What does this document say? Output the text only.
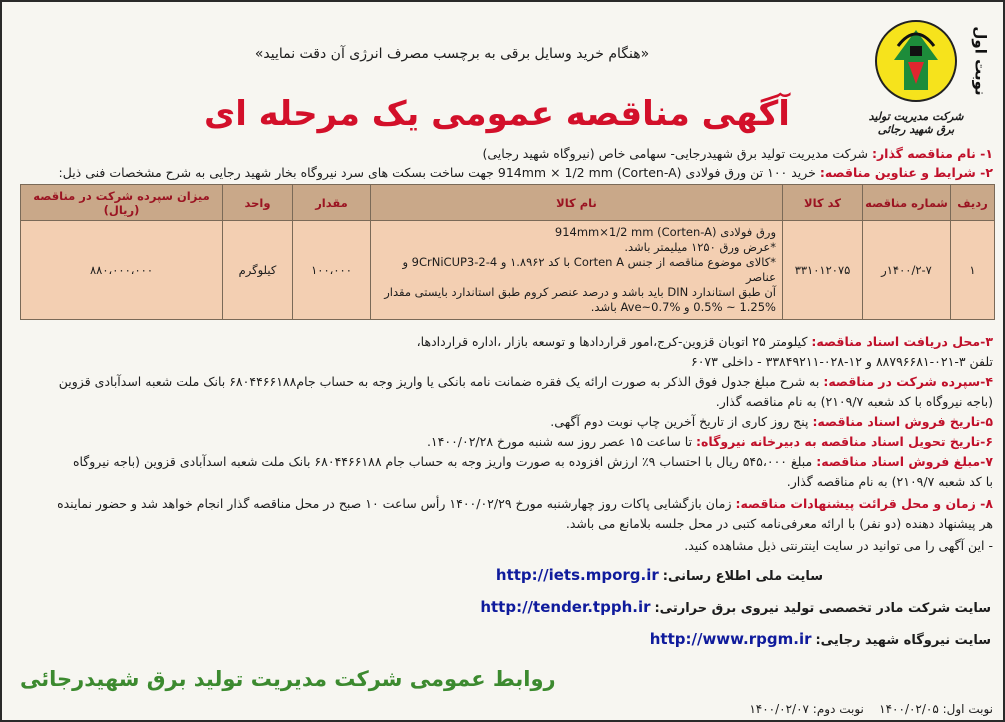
نوبت اول
شرکت مدیریت تولید برق شهید رجائی
«هنگام خرید وسایل برقی به برچسب مصرف انرژی آن دقت نمایید»
آگهی مناقصه عمومی یک مرحله ای
۱- نام مناقصه گذار: شرکت مدیریت تولید برق شهیدرجایی- سهامی خاص (نیروگاه شهید رجایی)
۲- شرایط و عناوین مناقصه: خرید ۱۰۰ تن ورق فولادی (Corten-A) 914mm × 1/2 mm جهت ساخت بسکت های سرد نیروگاه بخار شهید رجایی به شرح مشخصات فنی ذیل:
ردیف	شماره مناقصه	کد کالا	نام کالا	مقدار	واحد	میزان سپرده شرکت در مناقصه (ریال)
۱	۱۴۰۰/۲-۷ر	۳۳۱۰۱۲۰۷۵	ورق فولادی (Corten-A) 914mm×1/2 mm
*عرض ورق ۱۲۵۰ میلیمتر باشد.
*کالای موضوع مناقصه از جنس Corten A با کد ۱.۸۹۶۲ و 9CrNiCUP3-2-4 و عناصر
آن طبق استاندارد DIN باید باشد و درصد عنصر کروم طبق استاندارد بایستی مقدار
1.25% ~ 0.5% و Ave~0.7% باشد.	۱۰۰،۰۰۰	کیلوگرم	۸۸۰،۰۰۰،۰۰۰
۳-محل دریافت اسناد مناقصه: کیلومتر ۲۵ اتوبان قزوین-کرج،امور قراردادها و توسعه بازار ،اداره قراردادها،
تلفن ۳-۰۲۱-۸۸۷۹۶۶۸۱ و ۱۲-۰۲۸-۳۳۸۴۹۲۱۱ - داخلی ۶۰۷۳
۴-سپرده شرکت در مناقصه: به شرح مبلغ جدول فوق الذکر به صورت ارائه یک فقره ضمانت نامه بانکی یا واریز وجه به حساب جام۶۸۰۴۴۶۶۱۸۸ بانک ملت شعبه اسدآبادی قزوین
(باجه نیروگاه با کد شعبه ۲۱۰۹/۷) به نام مناقصه گذار.
۵-تاریخ فروش اسناد مناقصه: پنج روز کاری از تاریخ آخرین چاپ نوبت دوم آگهی.
۶-تاریخ تحویل اسناد مناقصه به دبیرخانه نیروگاه: تا ساعت ۱۵ عصر روز سه شنبه مورخ ۱۴۰۰/۰۲/۲۸.
۷-مبلغ فروش اسناد مناقصه: مبلغ ۵۴۵،۰۰۰ ریال با احتساب ۹٪ ارزش افزوده به صورت واریز وجه به حساب جام ۶۸۰۴۴۶۶۱۸۸ بانک ملت شعبه اسدآبادی قزوین (باجه نیروگاه
با کد شعبه ۲۱۰۹/۷) به نام مناقصه گذار.
۸- زمان و محل قرائت پیشنهادات مناقصه: زمان بازگشایی پاکات روز چهارشنبه مورخ ۱۴۰۰/۰۲/۲۹ رأس ساعت ۱۰ صبح در محل مناقصه گذار انجام خواهد شد و حضور نماینده
هر پیشنهاد دهنده (دو نفر) با ارائه معرفی‌نامه کتبی در محل جلسه بلامانع می باشد.
- این آگهی را می توانید در سایت اینترنتی ذیل مشاهده کنید.
سایت ملی اطلاع رسانی: http://iets.mporg.ir
سایت شرکت مادر تخصصی تولید نیروی برق حرارتی: http://tender.tpph.ir
سایت نیروگاه شهید رجایی: http://www.rpgm.ir
نوبت اول: ۱۴۰۰/۰۲/۰۵    نوبت دوم: ۱۴۰۰/۰۲/۰۷
روابط عمومی شرکت مدیریت تولید برق شهیدرجائی
